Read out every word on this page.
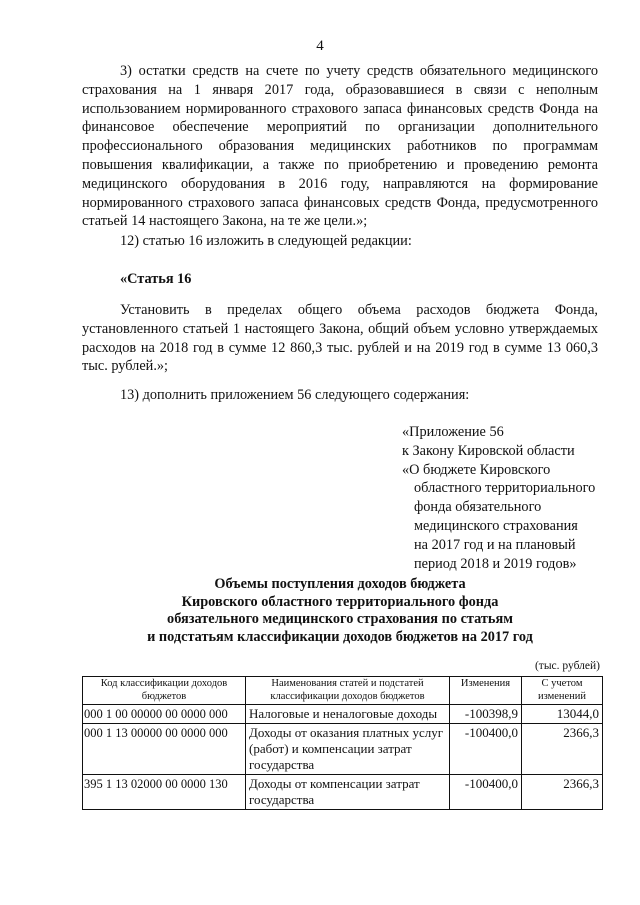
4

3) остатки средств на счете по учету средств обязательного медицинского страхования на 1 января 2017 года, образовавшиеся в связи с неполным использованием нормированного страхового запаса финансовых средств Фонда на финансовое обеспечение мероприятий по организации дополнительного профессионального образования медицинских работников по программам повышения квалификации, а также по приобретению и проведению ремонта медицинского оборудования в 2016 году, направляются на формирование нормированного страхового запаса финансовых средств Фонда, предусмотренного статьей 14 настоящего Закона, на те же цели.»;

12) статью 16 изложить в следующей редакции:

«Статья 16

Установить в пределах общего объема расходов бюджета Фонда, установленного статьей 1 настоящего Закона, общий объем условно утверждаемых расходов на 2018 год в сумме 12 860,3 тыс. рублей и на 2019 год в сумме 13 060,3 тыс. рублей.»;

13) дополнить приложением 56 следующего содержания:

«Приложение 56
к Закону Кировской области
«О бюджете Кировского
областного территориального
фонда обязательного
медицинского страхования
на 2017 год и на плановый
период 2018 и 2019 годов»
Объемы поступления доходов бюджета
Кировского областного территориального фонда
обязательного медицинского страхования по статьям
и подстатьям классификации доходов бюджетов на 2017 год
(тыс. рублей)
Код классификации доходов бюджетов	Наименования статей и подстатей классификации доходов бюджетов	Изменения	С учетом изменений
000 1 00 00000 00 0000 000	Налоговые и неналоговые доходы	-100398,9	13044,0
000 1 13 00000 00 0000 000	Доходы от оказания платных услуг (работ) и компенсации затрат государства	-100400,0	2366,3
395 1 13 02000 00 0000 130	Доходы от компенсации затрат государства	-100400,0	2366,3
